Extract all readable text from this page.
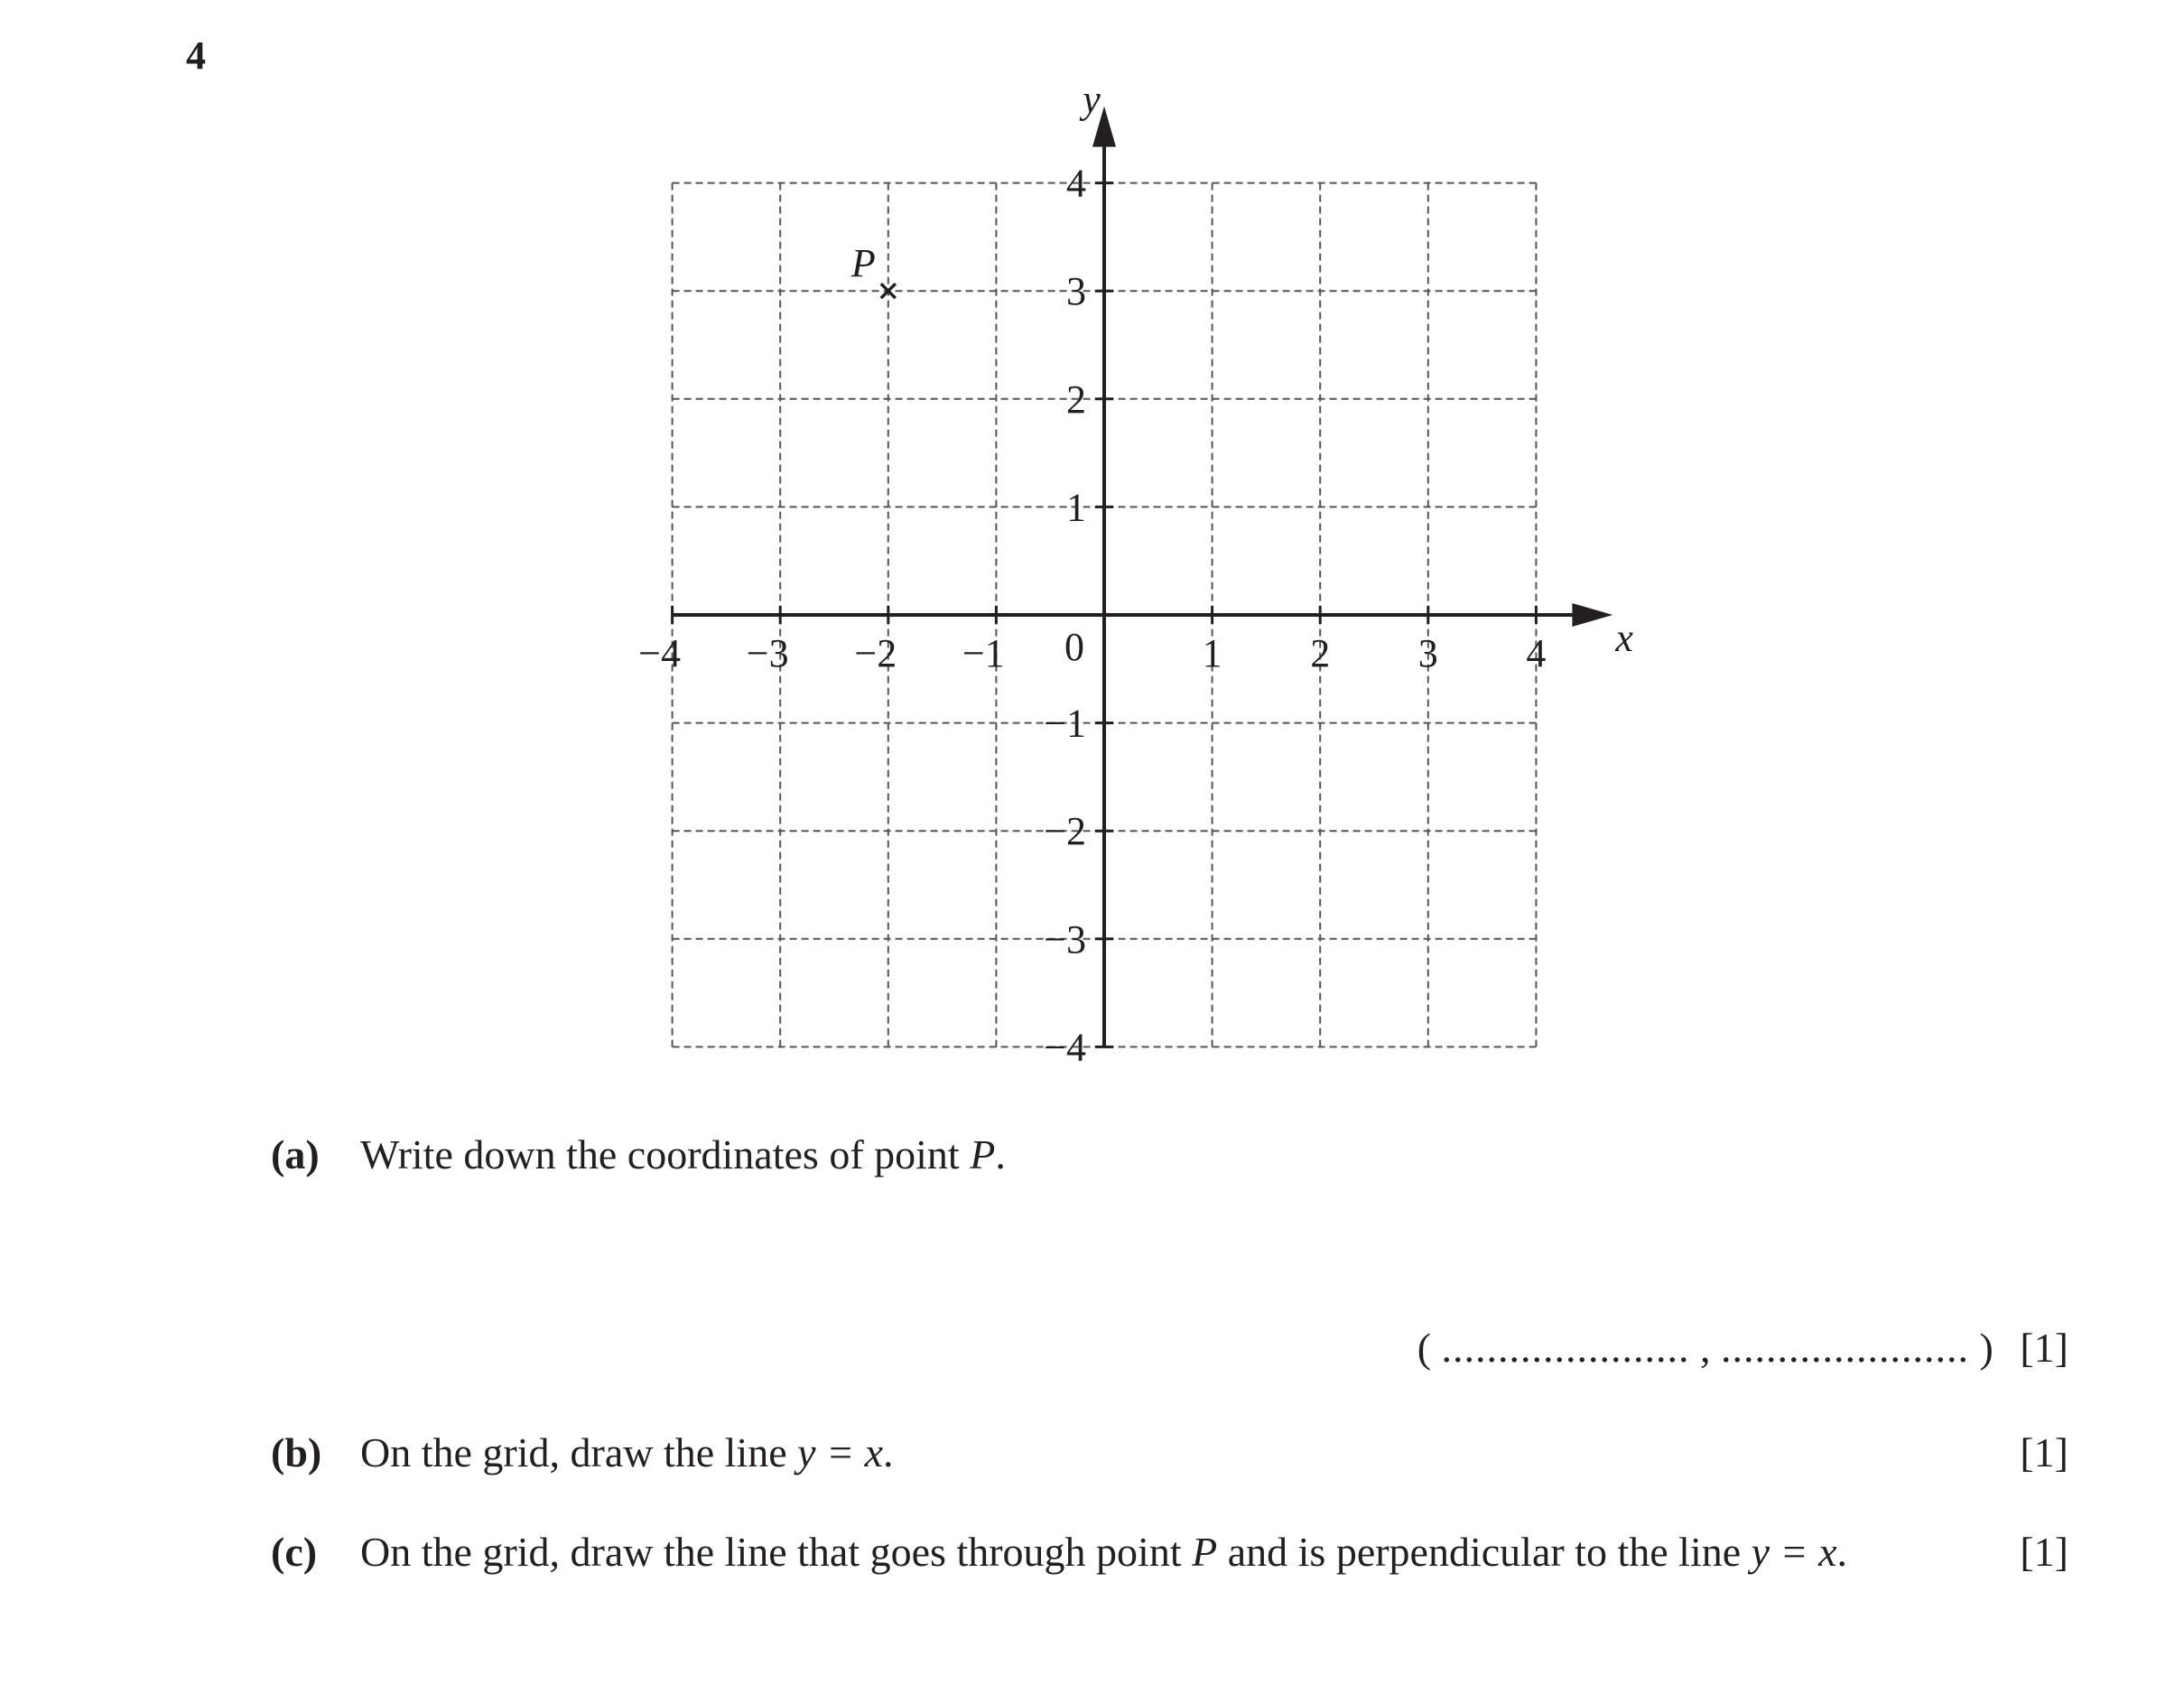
4
−4 −3 −2 −1	1 2 3 4
4
3
2
1
−1
−2
−3
−4
0	x
y
P
(a) Write down the coordinates of point P.
( ...................... , ...................... ) [1]
(b) On the grid, draw the line y = x.	[1]
(c) On the grid, draw the line that goes through point P and is perpendicular to the line y = x.	[1]
